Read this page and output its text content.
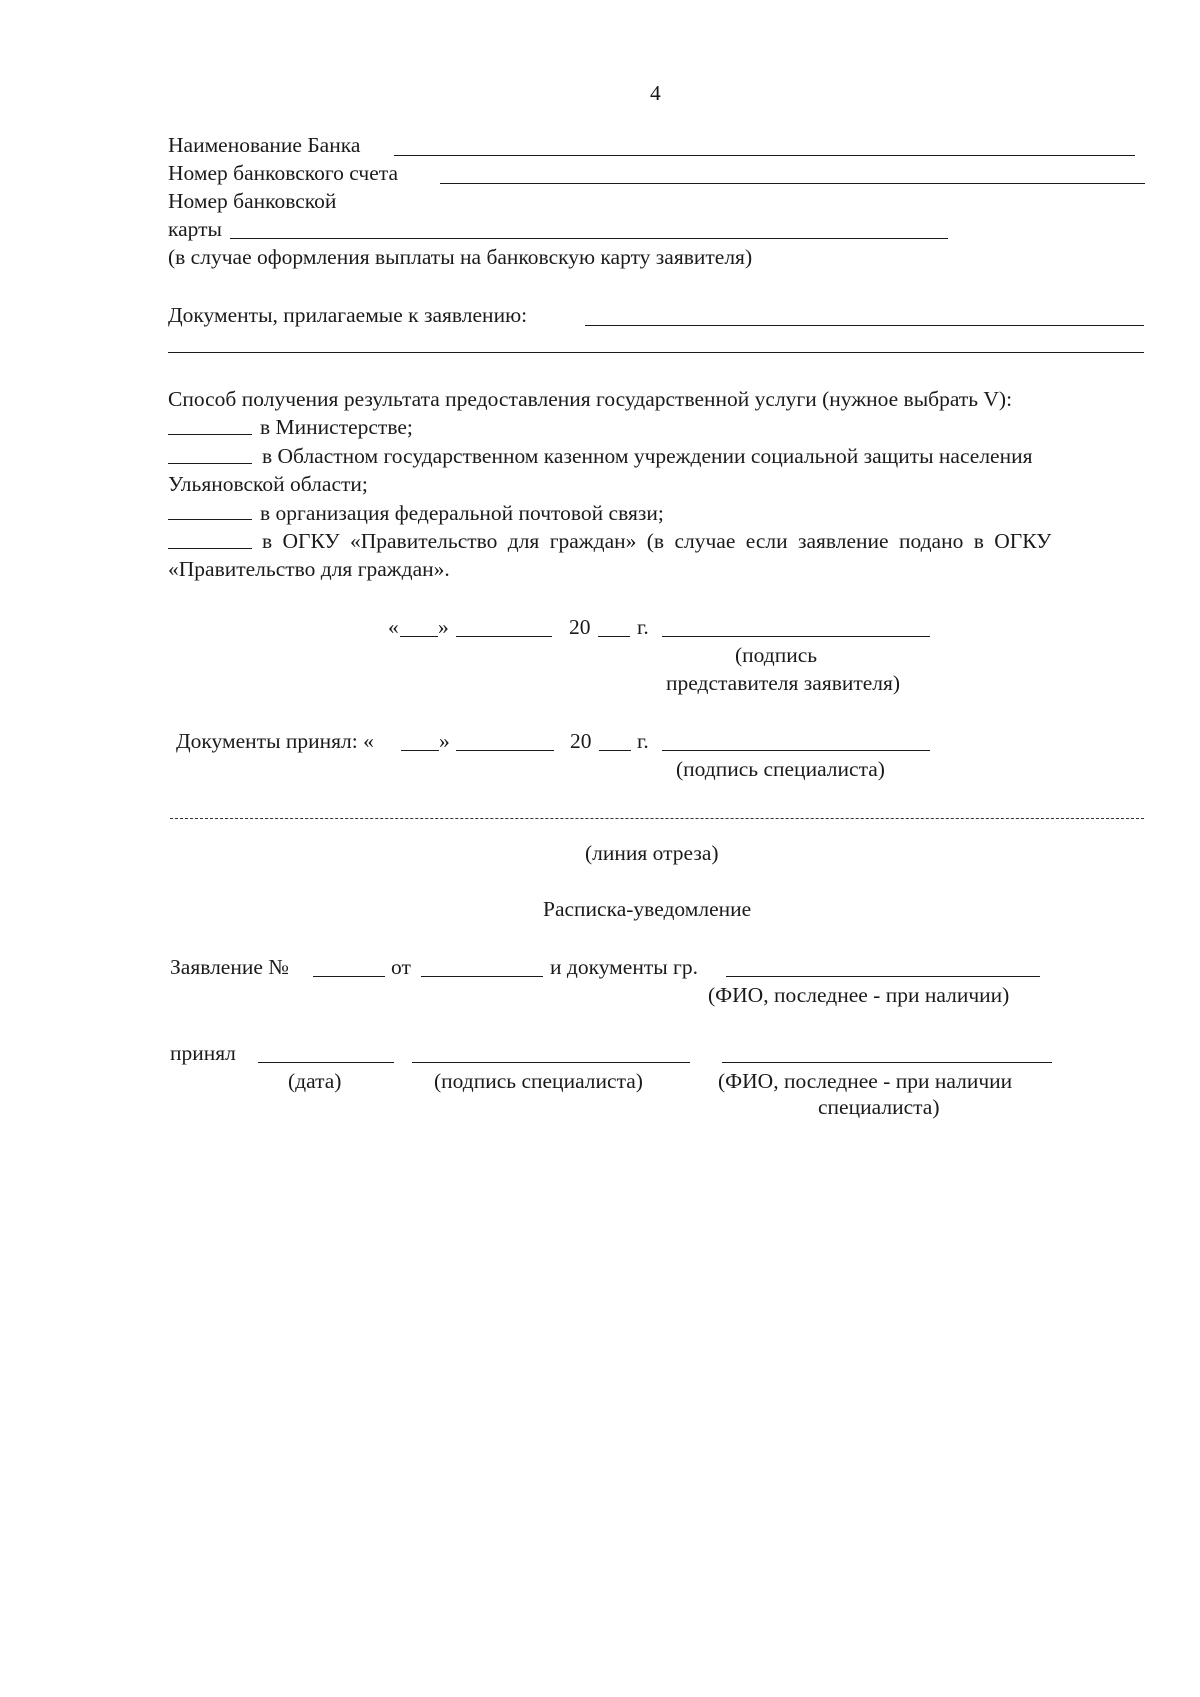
4
Наименование Банка
Номер банковского счета
Номер банковской
карты
(в случае оформления выплаты на банковскую карту заявителя)
Документы, прилагаемые к заявлению:
Способ получения результата предоставления государственной услуги (нужное выбрать V):
в Министерстве;
в Областном государственном казенном учреждении социальной защиты населения
Ульяновской области;
в организация федеральной почтовой связи;
в ОГКУ «Правительство для граждан» (в случае если заявление подано в ОГКУ
«Правительство для граждан».
« »	20 г.
(подпись
представителя заявителя)
Документы принял: «	»	20 г.
(подпись специалиста)
(линия отреза)
Расписка-уведомление
Заявление №	от	и документы гр.
(ФИО, последнее - при наличии)
принял
(дата)	(подпись специалиста)	(ФИО, последнее - при наличии
специалиста)
